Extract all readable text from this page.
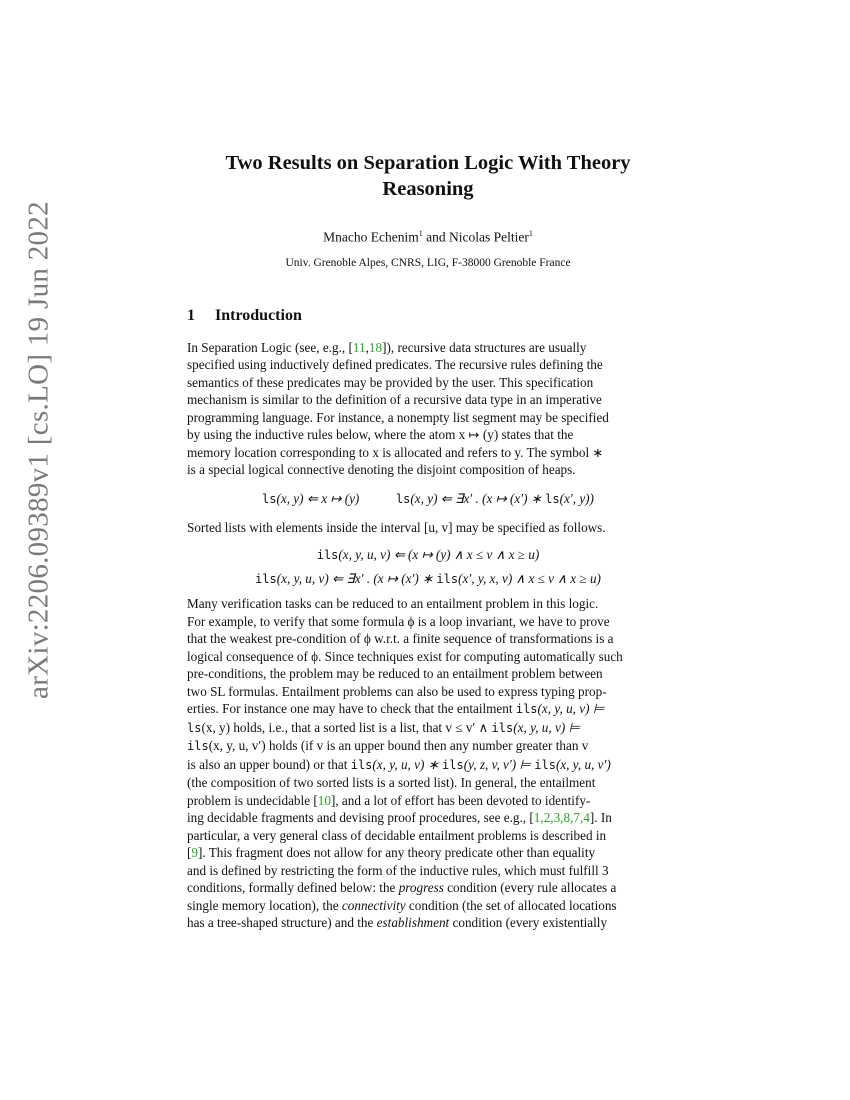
arXiv:2206.09389v1 [cs.LO] 19 Jun 2022
Two Results on Separation Logic With Theory
Reasoning
Mnacho Echenim$^1$ and Nicolas Peltier$^1$
Univ. Grenoble Alpes, CNRS, LIG, F-38000 Grenoble France
1 Introduction

In Separation Logic (see, e.g., [11,18]), recursive data structures are usually
specified using inductively defined predicates. The recursive rules defining the
semantics of these predicates may be provided by the user. This specification
mechanism is similar to the definition of a recursive data type in an imperative
programming language. For instance, a nonempty list segment may be specified
by using the inductive rules below, where the atom x ↦ (y) states that the
memory location corresponding to x is allocated and refers to y. The symbol ∗
is a special logical connective denoting the disjoint composition of heaps.

ls(x, y) ⇐ x ↦ (y)	ls(x, y) ⇐ ∃x′ . (x ↦ (x′) ∗ ls(x′, y))

Sorted lists with elements inside the interval [u, v] may be specified as follows.

ils(x, y, u, v) ⇐ (x ↦ (y) ∧ x ≤ v ∧ x ≥ u)
ils(x, y, u, v) ⇐ ∃x′ . (x ↦ (x′) ∗ ils(x′, y, x, v) ∧ x ≤ v ∧ x ≥ u)

Many verification tasks can be reduced to an entailment problem in this logic.
For example, to verify that some formula ϕ is a loop invariant, we have to prove
that the weakest pre-condition of ϕ w.r.t. a finite sequence of transformations is a
logical consequence of ϕ. Since techniques exist for computing automatically such
pre-conditions, the problem may be reduced to an entailment problem between
two SL formulas. Entailment problems can also be used to express typing prop-
erties. For instance one may have to check that the entailment ils(x, y, u, v) ⊨
ls(x, y) holds, i.e., that a sorted list is a list, that v ≤ v′ ∧ ils(x, y, u, v) ⊨
ils(x, y, u, v′) holds (if v is an upper bound then any number greater than v
is also an upper bound) or that ils(x, y, u, v) ∗ ils(y, z, v, v′) ⊨ ils(x, y, u, v′)
(the composition of two sorted lists is a sorted list). In general, the entailment
problem is undecidable [10], and a lot of effort has been devoted to identify-
ing decidable fragments and devising proof procedures, see e.g., [1,2,3,8,7,4]. In
particular, a very general class of decidable entailment problems is described in
[9]. This fragment does not allow for any theory predicate other than equality
and is defined by restricting the form of the inductive rules, which must fulfill 3
conditions, formally defined below: the progress condition (every rule allocates a
single memory location), the connectivity condition (the set of allocated locations
has a tree-shaped structure) and the establishment condition (every existentially
